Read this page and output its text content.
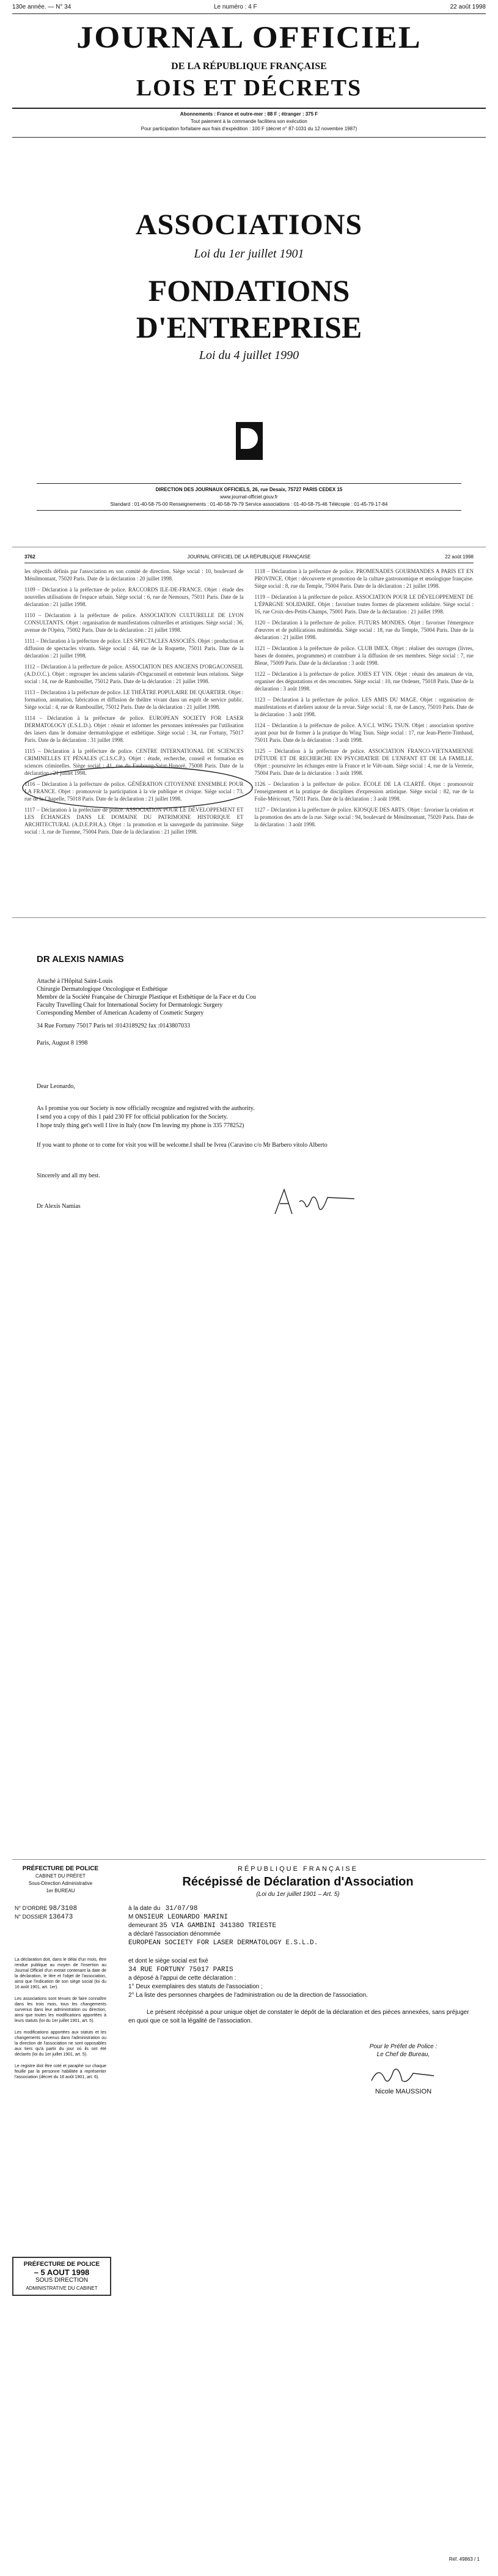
130e année. — N° 34	Le numéro : 4 F	22 août 1998
JOURNAL OFFICIEL
DE LA RÉPUBLIQUE FRANÇAISE
LOIS ET DÉCRETS
Abonnements : France et outre-mer : 88 F ; étranger : 375 F
Tout paiement à la commande facilitera son exécution
Pour participation forfaitaire aux frais d'expédition : 100 F (décret n° 87-1031 du 12 novembre 1987)
ASSOCIATIONS
Loi du 1er juillet 1901
FONDATIONS
D'ENTREPRISE
Loi du 4 juillet 1990
DIRECTION DES JOURNAUX OFFICIELS, 26, rue Desaix, 75727 PARIS CEDEX 15
www.journal-officiel.gouv.fr
Standard : 01-40-58-75-00 Renseignements : 01-40-58-79-79 Service associations : 01-40-58-75-46 Télécopie : 01-45-79-17-84
3762	JOURNAL OFFICIEL DE LA RÉPUBLIQUE FRANÇAISE	22 août 1998

les objectifs définis par l'association en son comité de direction. Siège social : 10, boulevard de Ménilmontant, 75020 Paris. Date de la déclaration : 20 juillet 1998.

1109 – Déclaration à la préfecture de police. RACCORDS ILE-DE-FRANCE. Objet : étude des nouvelles utilisations de l'espace urbain. Siège social : 6, rue de Nemours, 75011 Paris. Date de la déclaration : 21 juillet 1998.

1110 – Déclaration à la préfecture de police. ASSOCIATION CULTURELLE DE LYON CONSULTANTS. Objet : organisation de manifestations culturelles et artistiques. Siège social : 36, avenue de l'Opéra, 75002 Paris. Date de la déclaration : 21 juillet 1998.

1111 – Déclaration à la préfecture de police. LES SPECTACLES ASSOCIÉS. Objet : production et diffusion de spectacles vivants. Siège social : 44, rue de la Roquette, 75011 Paris. Date de la déclaration : 21 juillet 1998.

1112 – Déclaration à la préfecture de police. ASSOCIATION DES ANCIENS D'ORGACONSEIL (A.D.O.C.). Objet : regrouper les anciens salariés d'Orgaconseil et entretenir leurs relations. Siège social : 14, rue de Rambouillet, 75012 Paris. Date de la déclaration : 21 juillet 1998.

1113 – Déclaration à la préfecture de police. LE THÉÂTRE POPULAIRE DE QUARTIER. Objet : formation, animation, fabrication et diffusion de théâtre vivant dans un esprit de service public. Siège social : 4, rue de Rambouillet, 75012 Paris. Date de la déclaration : 21 juillet 1998.

1114 – Déclaration à la préfecture de police. EUROPEAN SOCIETY FOR LASER DERMATOLOGY (E.S.L.D.). Objet : réunir et informer les personnes intéressées par l'utilisation des lasers dans le domaine dermatologique et esthétique. Siège social : 34, rue Fortuny, 75017 Paris. Date de la déclaration : 31 juillet 1998.

1115 – Déclaration à la préfecture de police. CENTRE INTERNATIONAL DE SCIENCES CRIMINELLES ET PÉNALES (C.I.S.C.P.). Objet : étude, recherche, conseil et formation en sciences criminelles. Siège social : 41, rue du Faubourg-Saint-Honoré, 75008 Paris. Date de la déclaration : 21 juillet 1998.

1116 – Déclaration à la préfecture de police. GÉNÉRATION CITOYENNE ENSEMBLE POUR LA FRANCE. Objet : promouvoir la participation à la vie publique et civique. Siège social : 73, rue de la Chapelle, 75018 Paris. Date de la déclaration : 21 juillet 1998.

1117 – Déclaration à la préfecture de police. ASSOCIATION POUR LE DÉVELOPPEMENT ET LES ÉCHANGES DANS LE DOMAINE DU PATRIMOINE HISTORIQUE ET ARCHITECTURAL (A.D.E.P.H.A.). Objet : la promotion et la sauvegarde du patrimoine. Siège social : 3, rue de Turenne, 75004 Paris. Date de la déclaration : 21 juillet 1998.

1118 – Déclaration à la préfecture de police. PROMENADES GOURMANDES A PARIS ET EN PROVINCE. Objet : découverte et promotion de la culture gastronomique et œnologique française. Siège social : 8, rue du Temple, 75004 Paris. Date de la déclaration : 21 juillet 1998.

1119 – Déclaration à la préfecture de police. ASSOCIATION POUR LE DÉVELOPPEMENT DE L'ÉPARGNE SOLIDAIRE. Objet : favoriser toutes formes de placement solidaire. Siège social : 16, rue Croix-des-Petits-Champs, 75001 Paris. Date de la déclaration : 21 juillet 1998.

1120 – Déclaration à la préfecture de police. FUTURS MONDES. Objet : favoriser l'émergence d'œuvres et de publications multimédia. Siège social : 18, rue du Temple, 75004 Paris. Date de la déclaration : 21 juillet 1998.

1121 – Déclaration à la préfecture de police. CLUB IMEX. Objet : réaliser des ouvrages (livres, bases de données, programmes) et contribuer à la diffusion de ses membres. Siège social : 7, rue Bleue, 75009 Paris. Date de la déclaration : 3 août 1998.

1122 – Déclaration à la préfecture de police. JOIES ET VIN. Objet : réunir des amateurs de vin, organiser des dégustations et des rencontres. Siège social : 10, rue Ordener, 75018 Paris. Date de la déclaration : 3 août 1998.

1123 – Déclaration à la préfecture de police. LES AMIS DU MAGE. Objet : organisation de manifestations et d'ateliers autour de la revue. Siège social : 8, rue de Lancry, 75010 Paris. Date de la déclaration : 3 août 1998.

1124 – Déclaration à la préfecture de police. A.V.C.I. WING TSUN. Objet : association sportive ayant pour but de former à la pratique du Wing Tsun. Siège social : 17, rue Jean-Pierre-Timbaud, 75011 Paris. Date de la déclaration : 3 août 1998.

1125 – Déclaration à la préfecture de police. ASSOCIATION FRANCO-VIETNAMIENNE D'ÉTUDE ET DE RECHERCHE EN PSYCHIATRIE DE L'ENFANT ET DE LA FAMILLE. Objet : poursuivre les échanges entre la France et le Viêt-nam. Siège social : 4, rue de la Verrerie, 75004 Paris. Date de la déclaration : 3 août 1998.

1126 – Déclaration à la préfecture de police. ÉCOLE DE LA CLARTÉ. Objet : promouvoir l'enseignement et la pratique de disciplines d'expression artistique. Siège social : 82, rue de la Folie-Méricourt, 75011 Paris. Date de la déclaration : 3 août 1998.

1127 – Déclaration à la préfecture de police. KIOSQUE DES ARTS. Objet : favoriser la création et la promotion des arts de la rue. Siège social : 94, boulevard de Ménilmontant, 75020 Paris. Date de la déclaration : 3 août 1998.

DR ALEXIS NAMIAS
Attaché à l'Hôpital Saint-Louis
Chirurgie Dermatologique Oncologique et Esthétique
Membre de la Société Française de Chirurgie Plastique et Esthétique de la Face et du Cou
Faculty Travelling Chair for International Society for Dermatologic Surgery
Corresponding Member of American Academy of Cosmetic Surgery
34 Rue Fortuny 75017 Paris tel :0143189292 fax :0143807033
Paris, August 8 1998

Dear Leonardo,

As I promise you our Society is now officially recognize and registred with the authority.

I send you a copy of this 1 paid 230 FF for official publication for the Society.

I hope truly thing get's well I live in Italy (now I'm leaving my phone is 335 778252)

If you want to phone or to come for visit you will be welcome.I shall be Ivrea (Caravino c/o Mr Barbero vitolo Alberto

Sincerely and all my best.

Dr Alexis Namias

PRÉFECTURE DE POLICE
CABINET DU PRÉFET
Sous-Direction Administrative
1er BUREAU
RÉPUBLIQUE FRANÇAISE
Récépissé de Déclaration d'Association
(Loi du 1er juillet 1901 – Art. 5)
N° D'ORDRE 98/3108
N° DOSSIER 136473
à la date du 31/07/98
M ONSIEUR LEONARDO MARINI
demeurant 35 VIA GAMBINI 34138O TRIESTE
a déclaré l'association dénommée
EUROPEAN SOCIETY FOR LASER DERMATOLOGY E.S.L.D.

La déclaration doit, dans le délai d'un mois, être rendue publique au moyen de l'insertion au Journal Officiel d'un extrait contenant la date de la déclaration, le titre et l'objet de l'association, ainsi que l'indication de son siège social (loi du 16 août 1901, art. 1er).

Les associations sont tenues de faire connaître dans les trois mois, tous les changements survenus dans leur administration ou direction, ainsi que toutes les modifications apportées à leurs statuts (loi du 1er juillet 1901, art. 5).

Les modifications apportées aux statuts et les changements survenus dans l'administration ou la direction de l'association ne sont opposables aux tiers qu'à partir du jour où ils ont été déclarés (loi du 1er juillet 1901, art. 5).

Le registre doit être coté et paraphé sur chaque feuille par la personne habilitée à représenter l'association (décret du 16 août 1901, art. 6).

et dont le siège social est fixé
34 RUE FORTUNY 75017 PARIS
a déposé à l'appui de cette déclaration :
1° Deux exemplaires des statuts de l'association ;
2° La liste des personnes chargées de l'administration ou de la direction de l'association.
Le présent récépissé a pour unique objet de constater le dépôt de la déclaration et des pièces annexées, sans préjuger en quoi que ce soit la légalité de l'association.
Pour le Préfet de Police :
Le Chef de Bureau,
Nicole MAUSSION
PRÉFECTURE DE POLICE
– 5 AOUT 1998
SOUS DIRECTION
ADMINISTRATIVE DU CABINET
Réf. 49863 / 1
